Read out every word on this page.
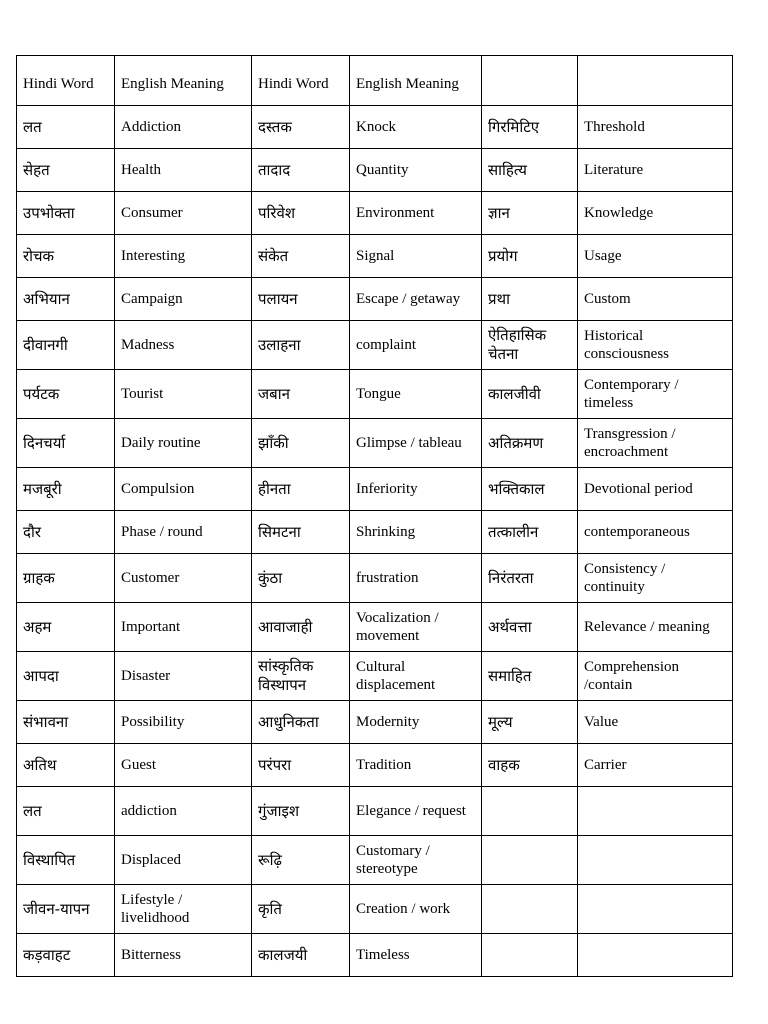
Hindi Word	English Meaning	Hindi Word	English Meaning		
लत	Addiction	दस्तक	Knock	गिरमिटिए	Threshold
सेहत	Health	तादाद	Quantity	साहित्य	Literature
उपभोक्ता	Consumer	परिवेश	Environment	ज्ञान	Knowledge
रोचक	Interesting	संकेत	Signal	प्रयोग	Usage
अभियान	Campaign	पलायन	Escape / getaway	प्रथा	Custom
दीवानगी	Madness	उलाहना	complaint	ऐतिहासिक चेतना	Historical consciousness
पर्यटक	Tourist	जबान	Tongue	कालजीवी	Contemporary / timeless
दिनचर्या	Daily routine	झाँकी	Glimpse / tableau	अतिक्रमण	Transgression / encroachment
मजबूरी	Compulsion	हीनता	Inferiority	भक्तिकाल	Devotional period
दौर	Phase / round	सिमटना	Shrinking	तत्कालीन	contemporaneous
ग्राहक	Customer	कुंठा	frustration	निरंतरता	Consistency / continuity
अहम	Important	आवाजाही	Vocalization / movement	अर्थवत्ता	Relevance / meaning
आपदा	Disaster	सांस्कृतिक विस्थापन	Cultural displacement	समाहित	Comprehension /contain
संभावना	Possibility	आधुनिकता	Modernity	मूल्य	Value
अतिथ	Guest	परंपरा	Tradition	वाहक	Carrier
लत	addiction	गुंजाइश	Elegance / request		
विस्थापित	Displaced	रूढ़ि	Customary / stereotype		
जीवन-यापन	Lifestyle / livelidhood	कृति	Creation / work		
कड़वाहट	Bitterness	कालजयी	Timeless		
